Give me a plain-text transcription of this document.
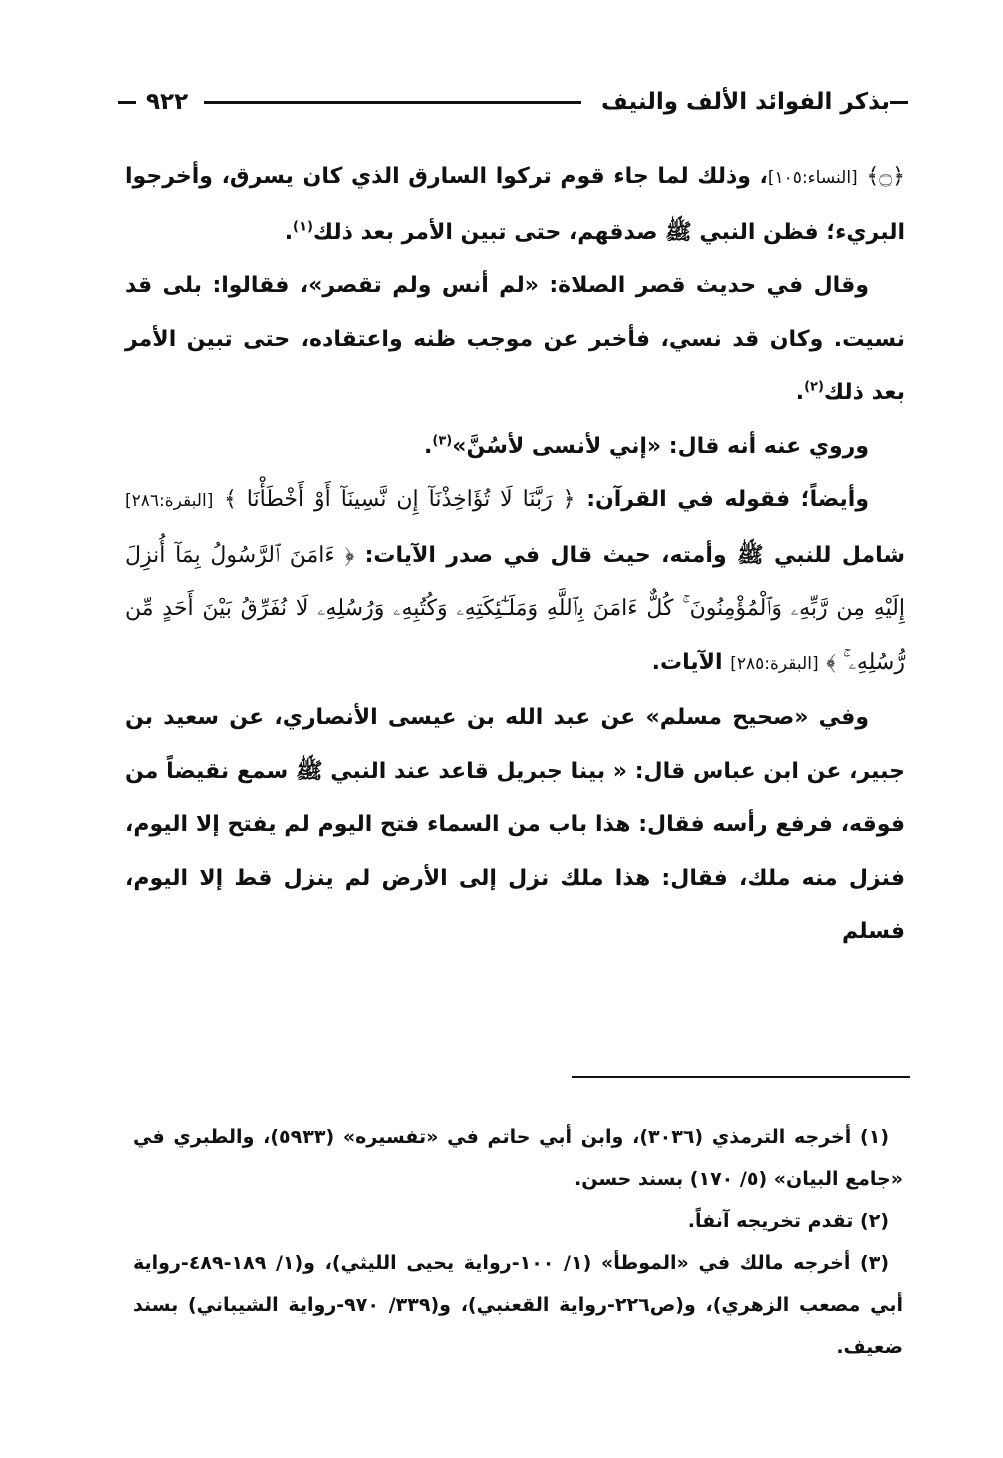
بذكر الفوائد الألف والنيف
٩٢٢

﴿۝﴾ [النساء:١٠٥]، وذلك لما جاء قوم تركوا السارق الذي كان يسرق، وأخرجوا البريء؛ فظن النبي ﷺ صدقهم، حتى تبين الأمر بعد ذلك$^{(١)}$.

وقال في حديث قصر الصلاة: «لم أنس ولم تقصر»، فقالوا: بلى قد نسيت. وكان قد نسي، فأخبر عن موجب ظنه واعتقاده، حتى تبين الأمر بعد ذلك$^{(٢)}$.

وروي عنه أنه قال: «إني لأنسى لأسُنَّ»$^{(٣)}$.

وأيضاً؛ فقوله في القرآن: ﴿ رَبَّنَا لَا تُؤَاخِذْنَآ إِن نَّسِينَآ أَوْ أَخْطَأْنَا ﴾ [البقرة:٢٨٦] شامل للنبي ﷺ وأمته، حيث قال في صدر الآيات: ﴿ ءَامَنَ ٱلرَّسُولُ بِمَآ أُنزِلَ إِلَيْهِ مِن رَّبِّهِۦ وَٱلْمُؤْمِنُونَ ۚ كُلٌّ ءَامَنَ بِٱللَّهِ وَمَلَـٰٓئِكَتِهِۦ وَكُتُبِهِۦ وَرُسُلِهِۦ لَا نُفَرِّقُ بَيْنَ أَحَدٍ مِّن رُّسُلِهِۦ ۚ ﴾ [البقرة:٢٨٥] الآيات.

وفي «صحيح مسلم» عن عبد الله بن عيسى الأنصاري، عن سعيد بن جبير، عن ابن عباس قال: « بينا جبريل قاعد عند النبي ﷺ سمع نقيضاً من فوقه، فرفع رأسه فقال: هذا باب من السماء فتح اليوم لم يفتح إلا اليوم، فنزل منه ملك، فقال: هذا ملك نزل إلى الأرض لم ينزل قط إلا اليوم، فسلم

(١) أخرجه الترمذي (٣٠٣٦)، وابن أبي حاتم في «تفسيره» (٥٩٣٣)، والطبري في «جامع البيان» (٥/ ١٧٠) بسند حسن.

(٢) تقدم تخريجه آنفاً.

(٣) أخرجه مالك في «الموطأ» (١/ ١٠٠-رواية يحيى الليثي)، و(١/ ١٨٩-٤٨٩-رواية أبي مصعب الزهري)، و(ص٢٢٦-رواية القعنبي)، و(٣٣٩/ ٩٧٠-رواية الشيباني) بسند ضعيف.
